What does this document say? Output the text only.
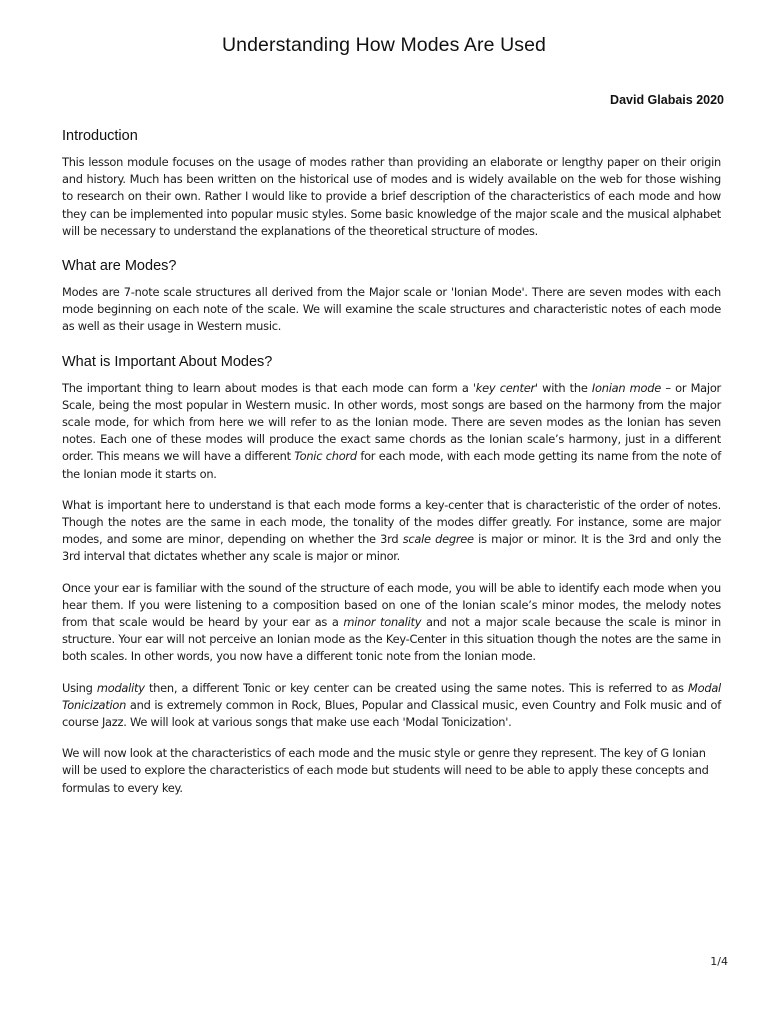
Understanding How Modes Are Used
David Glabais 2020
Introduction

This lesson module focuses on the usage of modes rather than providing an elaborate or lengthy paper on their origin and history. Much has been written on the historical use of modes and is widely available on the web for those wishing to research on their own. Rather I would like to provide a brief description of the characteristics of each mode and how they can be implemented into popular music styles. Some basic knowledge of the major scale and the musical alphabet will be necessary to understand the explanations of the theoretical structure of modes.

What are Modes?

Modes are 7-note scale structures all derived from the Major scale or 'Ionian Mode'. There are seven modes with each mode beginning on each note of the scale. We will examine the scale structures and characteristic notes of each mode as well as their usage in Western music.

What is Important About Modes?

The important thing to learn about modes is that each mode can form a 'key center' with the Ionian mode – or Major Scale, being the most popular in Western music. In other words, most songs are based on the harmony from the major scale mode, for which from here we will refer to as the Ionian mode. There are seven modes as the Ionian has seven notes. Each one of these modes will produce the exact same chords as the Ionian scale’s harmony, just in a different order. This means we will have a different Tonic chord for each mode, with each mode getting its name from the note of the Ionian mode it starts on.

What is important here to understand is that each mode forms a key-center that is characteristic of the order of notes. Though the notes are the same in each mode, the tonality of the modes differ greatly. For instance, some are major modes, and some are minor, depending on whether the 3rd scale degree is major or minor. It is the 3rd and only the 3rd interval that dictates whether any scale is major or minor.

Once your ear is familiar with the sound of the structure of each mode, you will be able to identify each mode when you hear them. If you were listening to a composition based on one of the Ionian scale’s minor modes, the melody notes from that scale would be heard by your ear as a minor tonality and not a major scale because the scale is minor in structure. Your ear will not perceive an Ionian mode as the Key-Center in this situation though the notes are the same in both scales. In other words, you now have a different tonic note from the Ionian mode.

Using modality then, a different Tonic or key center can be created using the same notes. This is referred to as Modal Tonicization and is extremely common in Rock, Blues, Popular and Classical music, even Country and Folk music and of course Jazz. We will look at various songs that make use each 'Modal Tonicization'.

We will now look at the characteristics of each mode and the music style or genre they represent. The key of G Ionian will be used to explore the characteristics of each mode but students will need to be able to apply these concepts and formulas to every key.

1/4
